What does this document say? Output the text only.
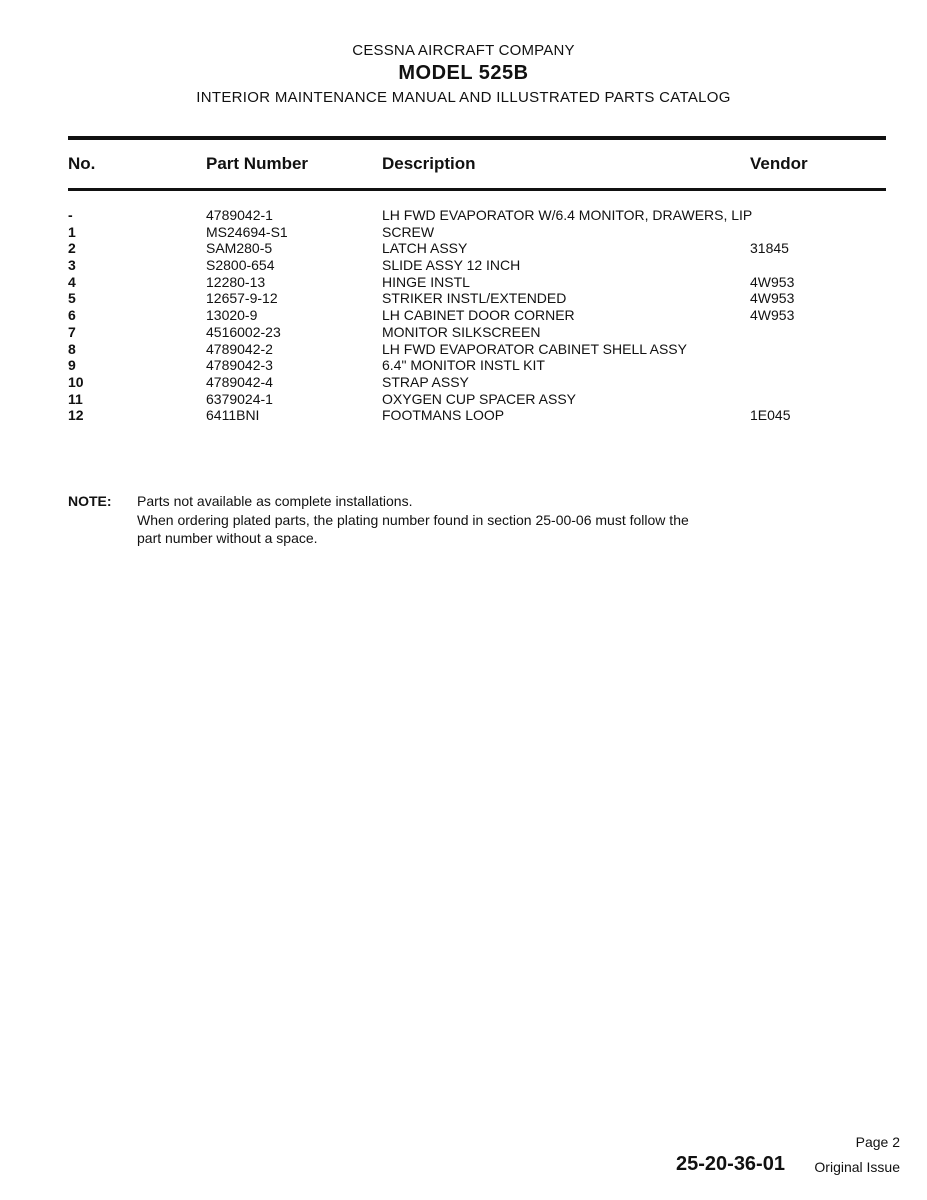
CESSNA AIRCRAFT COMPANY
MODEL 525B
INTERIOR MAINTENANCE MANUAL AND ILLUSTRATED PARTS CATALOG
No.	Part Number	Description	Vendor
-	4789042-1	LH FWD EVAPORATOR W/6.4 MONITOR, DRAWERS, LIP
1	MS24694-S1	SCREW
2	SAM280-5	LATCH ASSY	31845
3	S2800-654	SLIDE ASSY 12 INCH
4	12280-13	HINGE INSTL	4W953
5	12657-9-12	STRIKER INSTL/EXTENDED	4W953
6	13020-9	LH CABINET DOOR CORNER	4W953
7	4516002-23	MONITOR SILKSCREEN
8	4789042-2	LH FWD EVAPORATOR CABINET SHELL ASSY
9	4789042-3	6.4" MONITOR INSTL KIT
10	4789042-4	STRAP ASSY
11	6379024-1	OXYGEN CUP SPACER ASSY
12	6411BNI	FOOTMANS LOOP	1E045
NOTE: Parts not available as complete installations.
When ordering plated parts, the plating number found in section 25-00-06 must follow the
part number without a space.
Page 2
25-20-36-01 Original Issue
